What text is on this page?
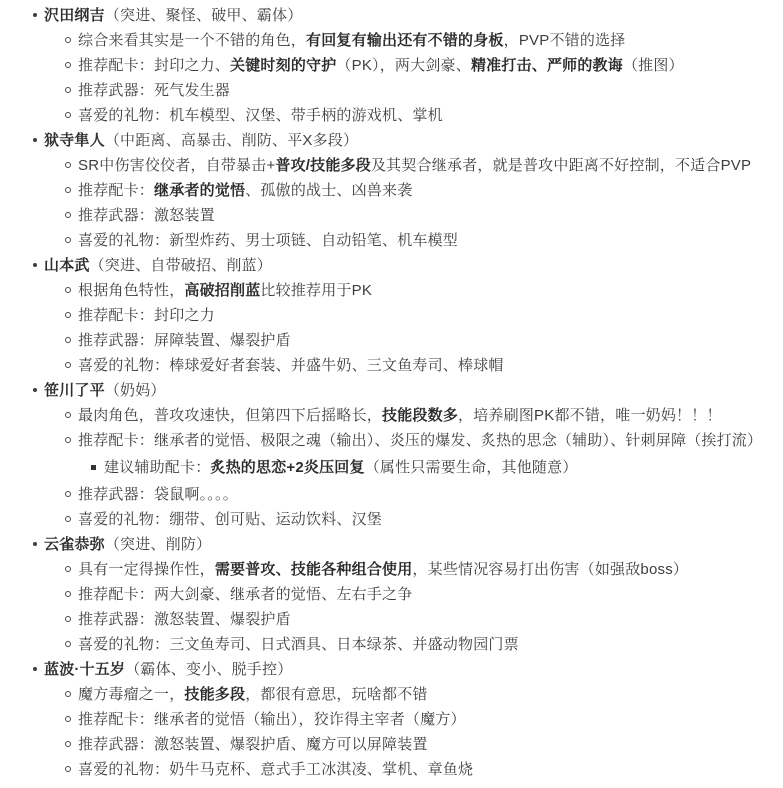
沢田纲吉（突进、聚怪、破甲、霸体）
综合来看其实是一个不错的角色，有回复有输出还有不错的身板，PVP不错的选择
推荐配卡：封印之力、关键时刻的守护（PK），两大剑豪、精准打击、严师的教诲（推图）
推荐武器：死气发生器
喜爱的礼物：机车模型、汉堡、带手柄的游戏机、掌机
狱寺隼人（中距离、高暴击、削防、平X多段）
SR中伤害佼佼者，自带暴击+普攻/技能多段及其契合继承者，就是普攻中距离不好控制，不适合PVP
推荐配卡：继承者的觉悟、孤傲的战士、凶兽来袭
推荐武器：激怒装置
喜爱的礼物：新型炸药、男士项链、自动铅笔、机车模型
山本武（突进、自带破招、削蓝）
根据角色特性，高破招削蓝比较推荐用于PK
推荐配卡：封印之力
推荐武器：屏障装置、爆裂护盾
喜爱的礼物：棒球爱好者套装、并盛牛奶、三文鱼寿司、棒球帽
笹川了平（奶妈）
最肉角色，普攻攻速快，但第四下后摇略长，技能段数多，培养刷图PK都不错，唯一奶妈！！！
推荐配卡：继承者的觉悟、极限之魂（输出）、炎压的爆发、炙热的思念（辅助）、针刺屏障（挨打流）
建议辅助配卡：炙热的思恋+2炎压回复（属性只需要生命，其他随意）
推荐武器：袋鼠啊。。。。
喜爱的礼物：绷带、创可贴、运动饮料、汉堡
云雀恭弥（突进、削防）
具有一定得操作性，需要普攻、技能各种组合使用，某些情况容易打出伤害（如强敌boss）
推荐配卡：两大剑豪、继承者的觉悟、左右手之争
推荐武器：激怒装置、爆裂护盾
喜爱的礼物：三文鱼寿司、日式酒具、日本绿茶、并盛动物园门票
蓝波·十五岁（霸体、变小、脱手控）
魔方毒瘤之一，技能多段，都很有意思，玩啥都不错
推荐配卡：继承者的觉悟（输出），狡诈得主宰者（魔方）
推荐武器：激怒装置、爆裂护盾、魔方可以屏障装置
喜爱的礼物：奶牛马克杯、意式手工冰淇凌、掌机、章鱼烧
